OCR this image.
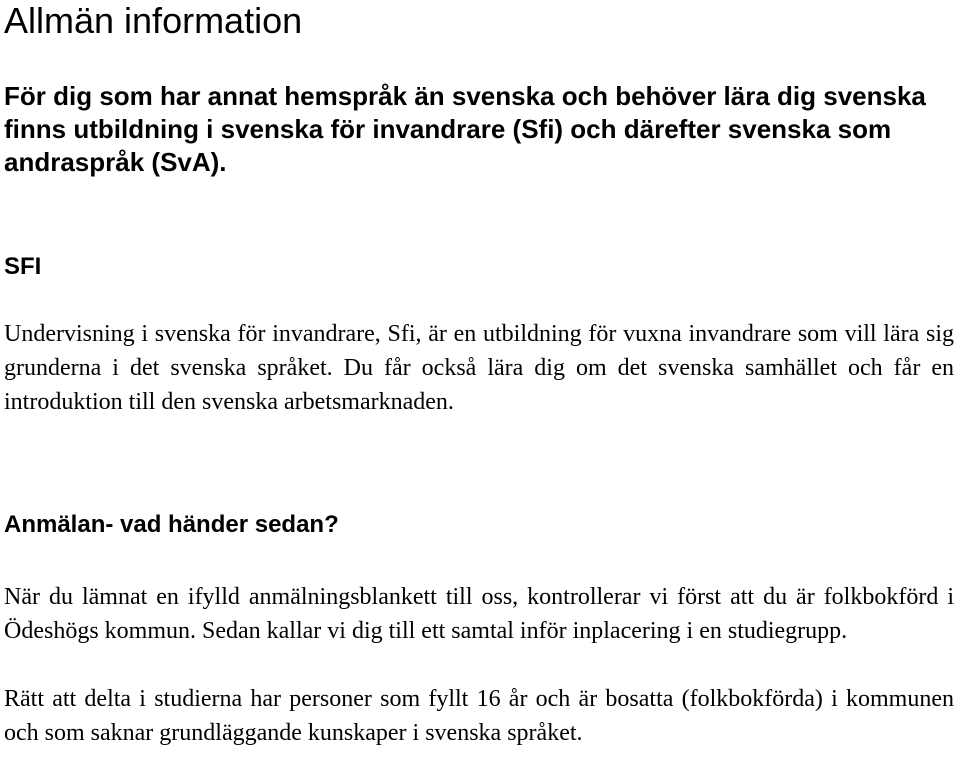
Allmän information

För dig som har annat hemspråk än svenska och behöver lära dig svenska finns utbildning i svenska för invandrare (Sfi) och därefter svenska som andraspråk (SvA).

SFI

Undervisning i svenska för invandrare, Sfi, är en utbildning för vuxna invandrare som vill lära sig grunderna i det svenska språket. Du får också lära dig om det svenska samhället och får en introduktion till den svenska arbetsmarknaden.

Anmälan- vad händer sedan?

När du lämnat en ifylld anmälningsblankett till oss, kontrollerar vi först att du är folkbokförd i Ödeshögs kommun. Sedan kallar vi dig till ett samtal inför inplacering i en studiegrupp.

Rätt att delta i studierna har personer som fyllt 16 år och är bosatta (folkbokförda) i kommunen och som saknar grundläggande kunskaper i svenska språket.
